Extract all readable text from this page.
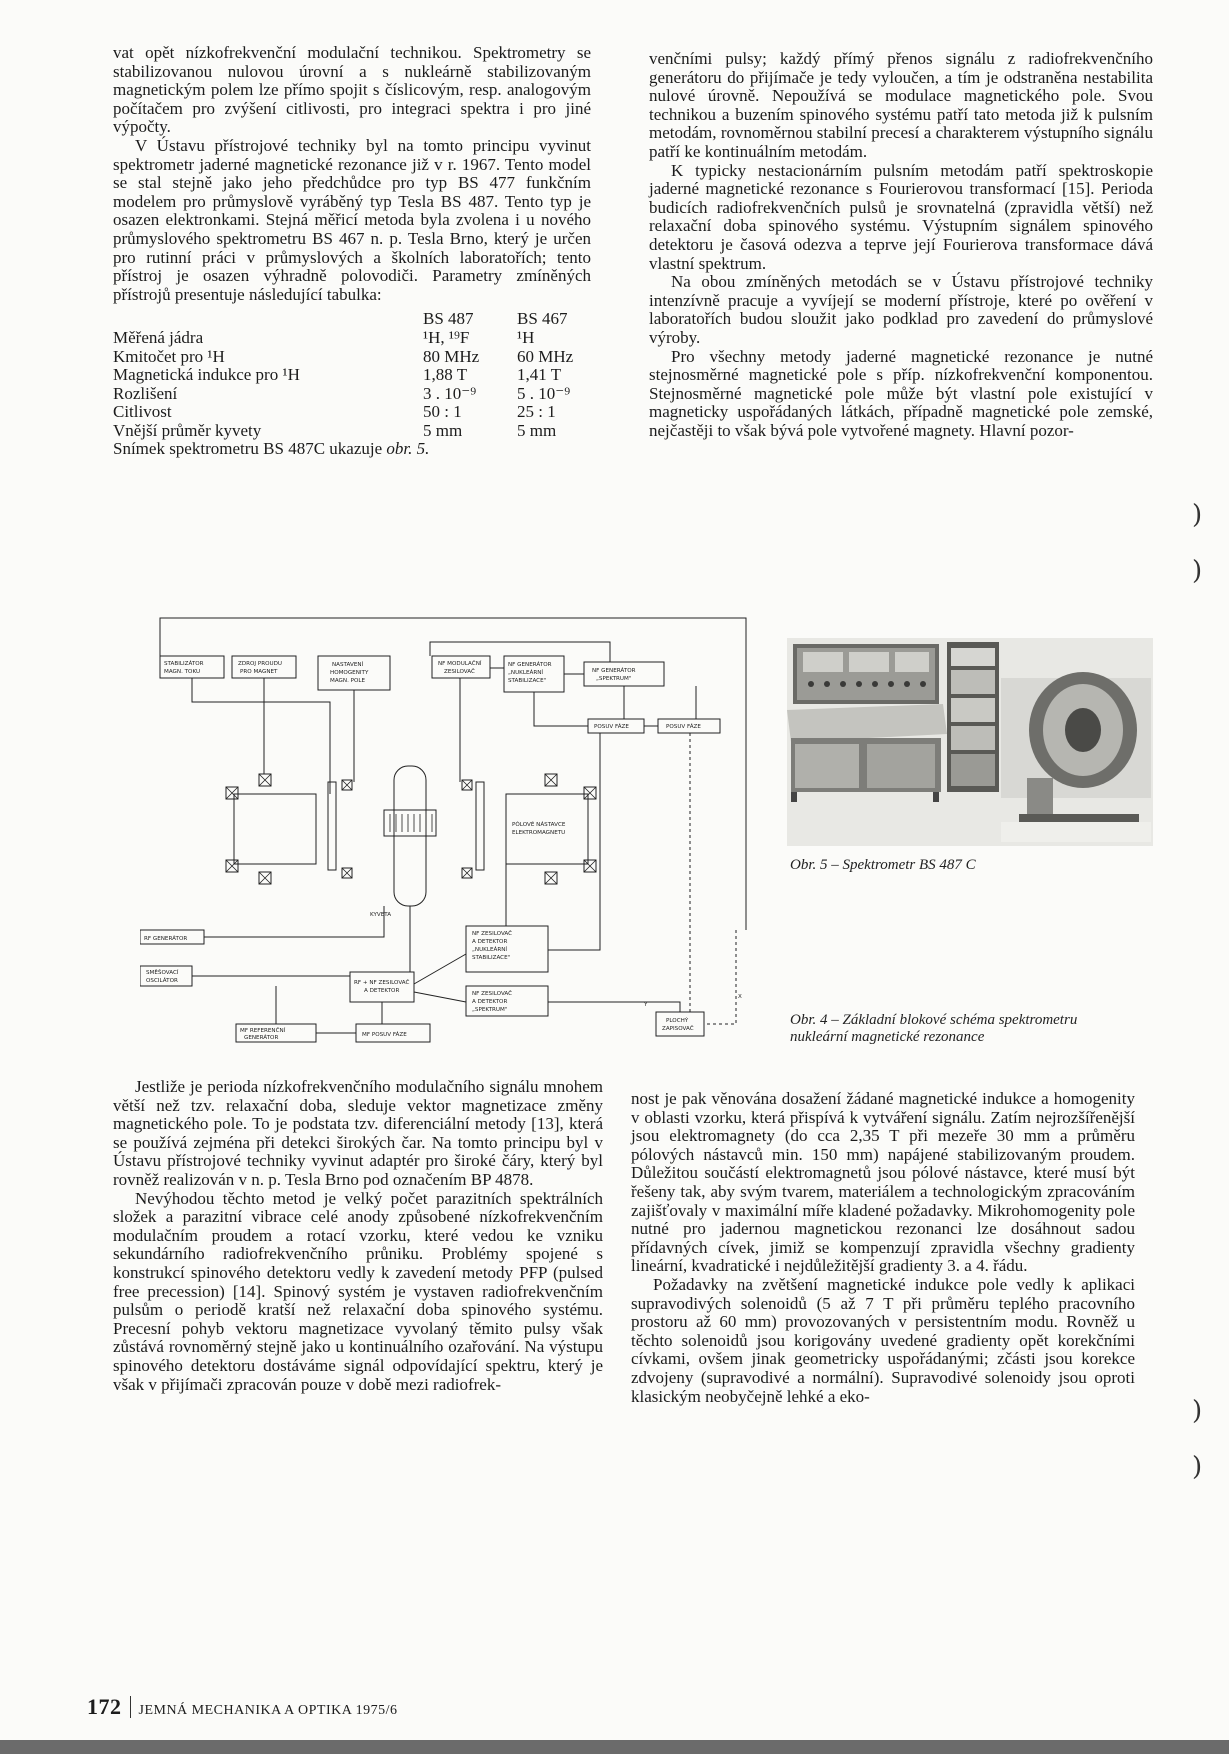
vat opět nízkofrekvenční modulační technikou. Spektrometry se stabilizovanou nulovou úrovní a s nukleárně stabilizovaným magnetickým polem lze přímo spojit s číslicovým, resp. analogovým počítačem pro zvýšení citlivosti, pro integraci spektra i pro jiné výpočty.

V Ústavu přístrojové techniky byl na tomto principu vyvinut spektrometr jaderné magnetické rezonance již v r. 1967. Tento model se stal stejně jako jeho předchůdce pro typ BS 477 funkčním modelem pro průmyslově vyráběný typ Tesla BS 487. Tento typ je osazen elektronkami. Stejná měřicí metoda byla zvolena i u nového průmyslového spektrometru BS 467 n. p. Tesla Brno, který je určen pro rutinní práci v průmyslových a školních laboratořích; tento přístroj je osazen výhradně polovodiči. Parametry zmíněných přístrojů presentuje následující tabulka:

	BS 487	BS 467
Měřená jádra	¹H, ¹⁹F	¹H
Kmitočet pro ¹H	80 MHz	60 MHz
Magnetická indukce pro ¹H	1,88 T	1,41 T
Rozlišení	3 . 10⁻⁹	5 . 10⁻⁹
Citlivost	50 : 1	25 : 1
Vnější průměr kyvety	5 mm	5 mm

Snímek spektrometru BS 487C ukazuje obr. 5.

venčními pulsy; každý přímý přenos signálu z radiofrekvenčního generátoru do přijímače je tedy vyloučen, a tím je odstraněna nestabilita nulové úrovně. Nepoužívá se modulace magnetického pole. Svou technikou a buzením spinového systému patří tato metoda již k pulsním metodám, rovnoměrnou stabilní precesí a charakterem výstupního signálu patří ke kontinuálním metodám.

K typicky nestacionárním pulsním metodám patří spektroskopie jaderné magnetické rezonance s Fourierovou transformací [15]. Perioda budicích radiofrekvenčních pulsů je srovnatelná (zpravidla větší) než relaxační doba spinového systému. Výstupním signálem spinového detektoru je časová odezva a teprve její Fourierova transformace dává vlastní spektrum.

Na obou zmíněných metodách se v Ústavu přístrojové techniky intenzívně pracuje a vyvíjejí se moderní přístroje, které po ověření v laboratořích budou sloužit jako podklad pro zavedení do průmyslové výroby.

Pro všechny metody jaderné magnetické rezonance je nutné stejnosměrné magnetické pole s příp. nízkofrekvenční komponentou. Stejnosměrné magnetické pole může být vlastní pole existující v magneticky uspořádaných látkách, případně magnetické pole zemské, nejčastěji to však bývá pole vytvořené magnety. Hlavní pozor-

STABILIZÁTOR
MAGN. TOKU
ZDROJ PROUDU
PRO MAGNET
NASTAVENÍ
HOMOGENITY
MAGN. POLE
NF MODULAČNÍ
ZESILOVAČ
NF GENERÁTOR
„NUKLEÁRNÍ
STABILIZACE"
NF GENERÁTOR
„SPEKTRUM"
POSUV FÁZE	POSUV FÁZE
PÓLOVÉ NÁSTAVCE
ELEKTROMAGNETU
KYVETA
RF GENERÁTOR
SMĚŠOVACÍ
OSCILÁTOR	RF + NF ZESILOVAČ
A DETEKTOR
NF ZESILOVAČ
A DETEKTOR
„NUKLEÁRNÍ
STABILIZACE"
NF ZESILOVAČ
A DETEKTOR
„SPEKTRUM"
MF REFERENČNÍ
GENERÁTOR	MF POSUV FÁZE
PLOCHÝ
ZAPISOVAČ
Y
X
Obr. 5 – Spektrometr BS 487 C
Obr. 4 – Základní blokové schéma spektrometru
nukleární magnetické rezonance

Jestliže je perioda nízkofrekvenčního modulačního signálu mnohem větší než tzv. relaxační doba, sleduje vektor magnetizace změny magnetického pole. To je podstata tzv. diferenciální metody [13], která se používá zejména při detekci širokých čar. Na tomto principu byl v Ústavu přístrojové techniky vyvinut adaptér pro široké čáry, který byl rovněž realizován v n. p. Tesla Brno pod označením BP 4878.

Nevýhodou těchto metod je velký počet parazitních spektrálních složek a parazitní vibrace celé anody způsobené nízkofrekvenčním modulačním proudem a rotací vzorku, které vedou ke vzniku sekundárního radiofrekvenčního průniku. Problémy spojené s konstrukcí spinového detektoru vedly k zavedení metody PFP (pulsed free precession) [14]. Spinový systém je vystaven radiofrekvenčním pulsům o periodě kratší než relaxační doba spinového systému. Precesní pohyb vektoru magnetizace vyvolaný těmito pulsy však zůstává rovnoměrný stejně jako u kontinuálního ozařování. Na výstupu spinového detektoru dostáváme signál odpovídající spektru, který je však v přijímači zpracován pouze v době mezi radiofrek-

nost je pak věnována dosažení žádané magnetické indukce a homogenity v oblasti vzorku, která přispívá k vytváření signálu. Zatím nejrozšířenější jsou elektromagnety (do cca 2,35 T při mezeře 30 mm a průměru pólových nástavců min. 150 mm) napájené stabilizovaným proudem. Důležitou součástí elektromagnetů jsou pólové nástavce, které musí být řešeny tak, aby svým tvarem, materiálem a technologickým zpracováním zajišťovaly v maximální míře kladené požadavky. Mikrohomogenity pole nutné pro jadernou magnetickou rezonanci lze dosáhnout sadou přídavných cívek, jimiž se kompenzují zpravidla všechny gradienty lineární, kvadratické i nejdůležitější gradienty 3. a 4. řádu.

Požadavky na zvětšení magnetické indukce pole vedly k aplikaci supravodivých solenoidů (5 až 7 T při průměru teplého pracovního prostoru až 60 mm) provozovaných v persistentním modu. Rovněž u těchto solenoidů jsou korigovány uvedené gradienty opět korekčními cívkami, ovšem jinak geometricky uspořádanými; zčásti jsou korekce zdvojeny (supravodivé a normální). Supravodivé solenoidy jsou oproti klasickým neobyčejně lehké a eko-

)
)
)
)
172 JEMNÁ MECHANIKA A OPTIKA 1975/6
